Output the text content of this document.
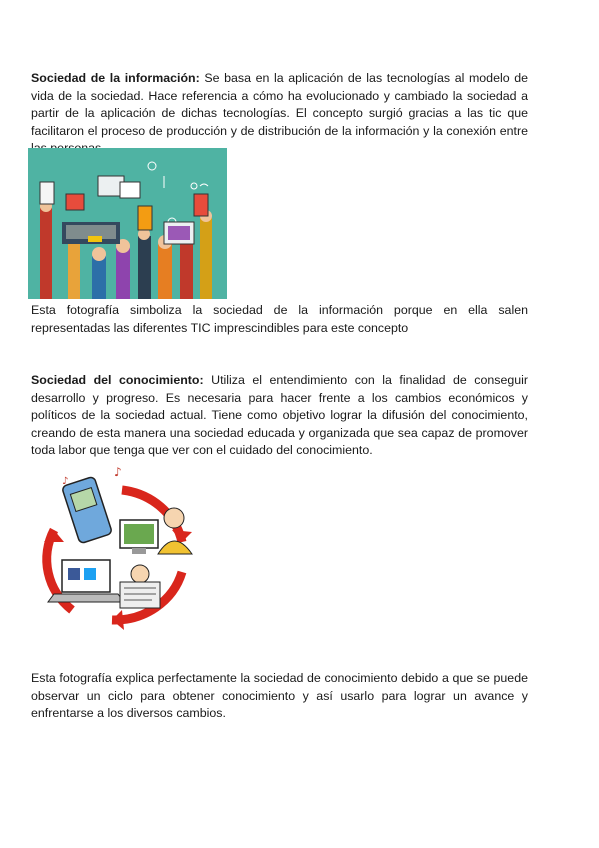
Sociedad de la información: Se basa en la aplicación de las tecnologías al modelo de vida de la sociedad. Hace referencia a cómo ha evolucionado y cambiado la sociedad a partir de la aplicación de dichas tecnologías. El concepto surgió gracias a las tic que facilitaron el proceso de producción y de distribución de la información y la conexión entre
Esta fotografía simboliza la sociedad de la información porque en ella salen representadas las diferentes TIC imprescindibles para este concepto
Sociedad del conocimiento: Utiliza el entendimiento con la finalidad de conseguir desarrollo y progreso. Es necesaria para hacer frente a los cambios económicos y políticos de la sociedad actual. Tiene como objetivo lograr la difusión del conocimiento, creando de esta manera una sociedad educada y organizada que sea capaz de promover toda labor que tenga que ver con el cuidado del conocimiento.
♪
♪
Esta fotografía explica perfectamente la sociedad de conocimiento debido a que se puede observar un ciclo para obtener conocimiento y así usarlo para lograr un avance y enfrentarse a los diversos cambios.
